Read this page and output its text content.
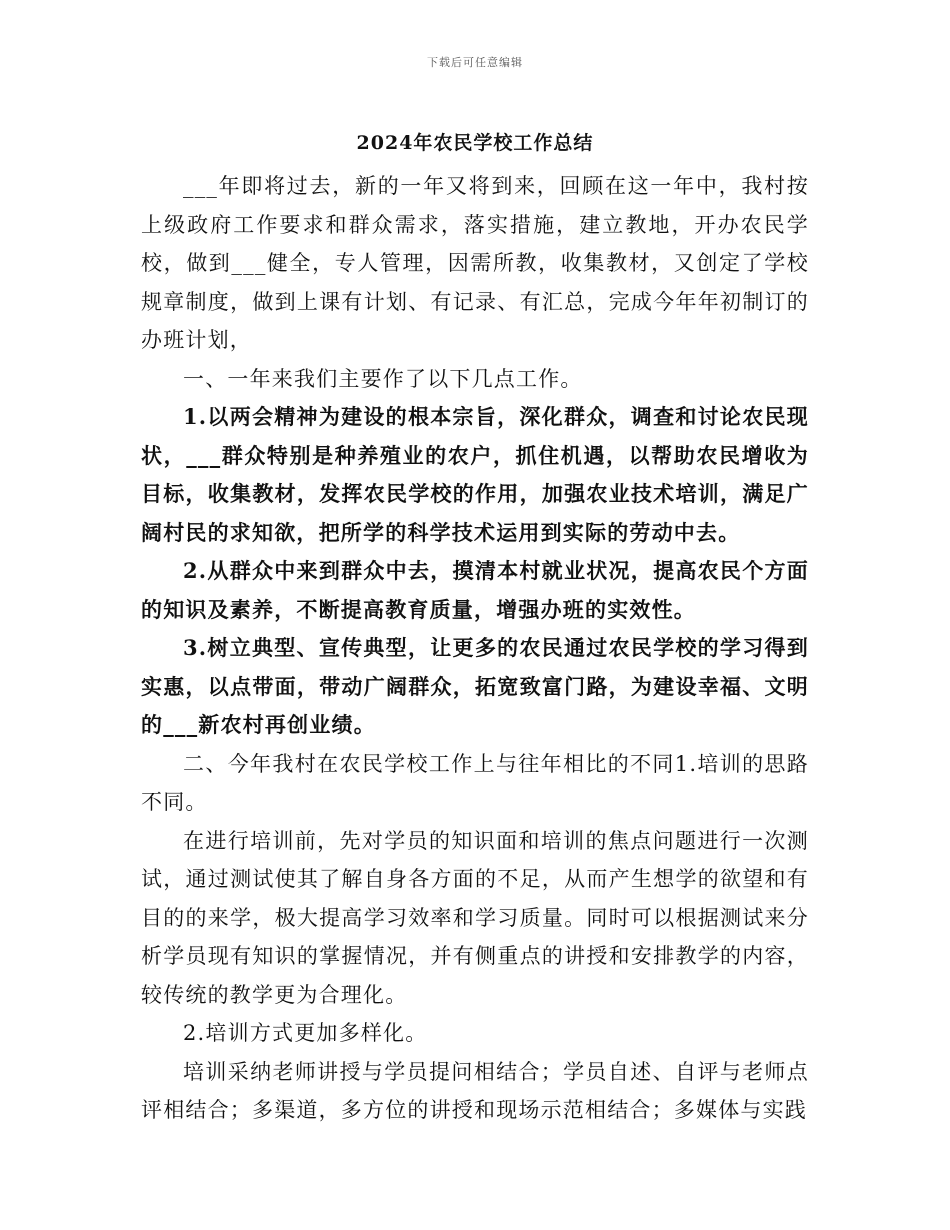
下载后可任意编辑
2024年农民学校工作总结

___年即将过去，新的一年又将到来，回顾在这一年中，我村按上级政府工作要求和群众需求，落实措施，建立教地，开办农民学校，做到___健全，专人管理，因需所教，收集教材，又创定了学校规章制度，做到上课有计划、有记录、有汇总，完成今年年初制订的办班计划，

一、一年来我们主要作了以下几点工作。

1.以两会精神为建设的根本宗旨，深化群众，调查和讨论农民现状，___群众特别是种养殖业的农户，抓住机遇，以帮助农民增收为目标，收集教材，发挥农民学校的作用，加强农业技术培训，满足广阔村民的求知欲，把所学的科学技术运用到实际的劳动中去。

2.从群众中来到群众中去，摸清本村就业状况，提高农民个方面的知识及素养，不断提高教育质量，增强办班的实效性。

3.树立典型、宣传典型，让更多的农民通过农民学校的学习得到实惠，以点带面，带动广阔群众，拓宽致富门路，为建设幸福、文明的___新农村再创业绩。

二、今年我村在农民学校工作上与往年相比的不同1.培训的思路不同。

在进行培训前，先对学员的知识面和培训的焦点问题进行一次测试，通过测试使其了解自身各方面的不足，从而产生想学的欲望和有目的的来学，极大提高学习效率和学习质量。同时可以根据测试来分析学员现有知识的掌握情况，并有侧重点的讲授和安排教学的内容，较传统的教学更为合理化。

2.培训方式更加多样化。

培训采纳老师讲授与学员提问相结合；学员自述、自评与老师点评相结合；多渠道，多方位的讲授和现场示范相结合；多媒体与实践
